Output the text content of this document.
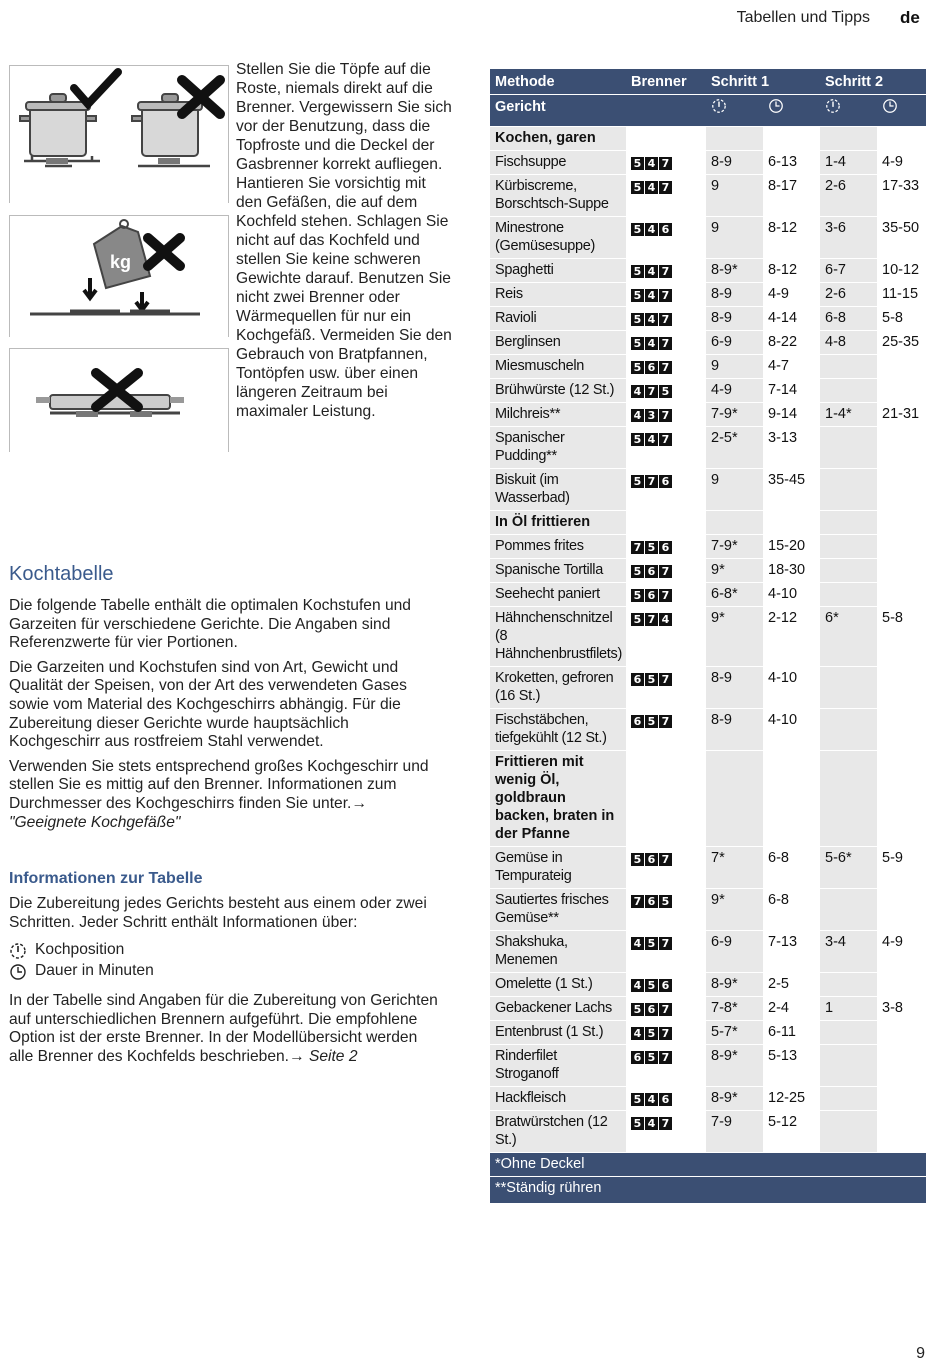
Tabellen und Tipps de
kg
Stellen Sie die Töpfe auf die Roste, niemals direkt auf die Brenner. Vergewissern Sie sich vor der Benutzung, dass die Topfroste und die Deckel der Gasbrenner korrekt aufliegen. Hantieren Sie vorsichtig mit den Gefäßen, die auf dem Kochfeld stehen. Schlagen Sie nicht auf das Kochfeld und stellen Sie keine schweren Gewichte darauf. Benutzen Sie nicht zwei Brenner oder Wärmequellen für nur ein Kochgefäß. Vermeiden Sie den Gebrauch von Bratpfannen, Tontöpfen usw. über einen längeren Zeitraum bei maximaler Leistung.
Kochtabelle

Die folgende Tabelle enthält die optimalen Kochstufen und Garzeiten für verschiedene Gerichte. Die Angaben sind Referenzwerte für vier Portionen.

Die Garzeiten und Kochstufen sind von Art, Gewicht und Qualität der Speisen, von der Art des verwendeten Gases sowie vom Material des Kochgeschirrs abhängig. Für die Zubereitung dieser Gerichte wurde hauptsächlich Kochgeschirr aus rostfreiem Stahl verwendet.

Verwenden Sie stets entsprechend großes Kochgeschirr und stellen Sie es mittig auf den Brenner. Informationen zum Durchmesser des Kochgeschirrs finden Sie unter.→ "Geeignete Kochgefäße"

Informationen zur Tabelle

Die Zubereitung jedes Gerichts besteht aus einem oder zwei Schritten. Jeder Schritt enthält Informationen über:

Kochposition
Dauer in Minuten

In der Tabelle sind Angaben für die Zubereitung von Gerichten auf unterschiedlichen Brennern aufgeführt. Die empfohlene Option ist der erste Brenner. In der Modellübersicht werden alle Brenner des Kochfelds beschrieben.→ Seite 2

Methode	Brenner	Schritt 1		Schritt 2	
Gericht					
Kochen, garen					
Fischsuppe	5 4 7	8-9	6-13	1-4	4-9
Kürbiscreme, Borschtsch-Suppe	5 4 7	9	8-17	2-6	17-33
Minestrone (Gemüsesuppe)	5 4 6	9	8-12	3-6	35-50
Spaghetti	5 4 7	8-9*	8-12	6-7	10-12
Reis	5 4 7	8-9	4-9	2-6	11-15
Ravioli	5 4 7	8-9	4-14	6-8	5-8
Berglinsen	5 4 7	6-9	8-22	4-8	25-35
Miesmuscheln	5 6 7	9	4-7		
Brühwürste (12 St.)	4 7 5	4-9	7-14		
Milchreis**	4 3 7	7-9*	9-14	1-4*	21-31
Spanischer Pudding**	5 4 7	2-5*	3-13		
Biskuit (im Wasserbad)	5 7 6	9	35-45		
In Öl frittieren					
Pommes frites	7 5 6	7-9*	15-20		
Spanische Tortilla	5 6 7	9*	18-30		
Seehecht paniert	5 6 7	6-8*	4-10		
Hähnchenschnitzel (8 Hähnchenbrustfilets)	5 7 4	9*	2-12	6*	5-8
Kroketten, gefroren (16 St.)	6 5 7	8-9	4-10		
Fischstäbchen, tiefgekühlt (12 St.)	6 5 7	8-9	4-10		
Frittieren mit wenig Öl, goldbraun backen, braten in der Pfanne					
Gemüse in Tempurateig	5 6 7	7*	6-8	5-6*	5-9
Sautiertes frisches Gemüse**	7 6 5	9*	6-8		
Shakshuka, Menemen	4 5 7	6-9	7-13	3-4	4-9
Omelette (1 St.)	4 5 6	8-9*	2-5		
Gebackener Lachs	5 6 7	7-8*	2-4	1	3-8
Entenbrust (1 St.)	4 5 7	5-7*	6-11		
Rinderfilet Stroganoff	6 5 7	8-9*	5-13		
Hackfleisch	5 4 6	8-9*	12-25		
Bratwürstchen (12 St.)	5 4 7	7-9	5-12		
*Ohne Deckel					
**Ständig rühren					
9
